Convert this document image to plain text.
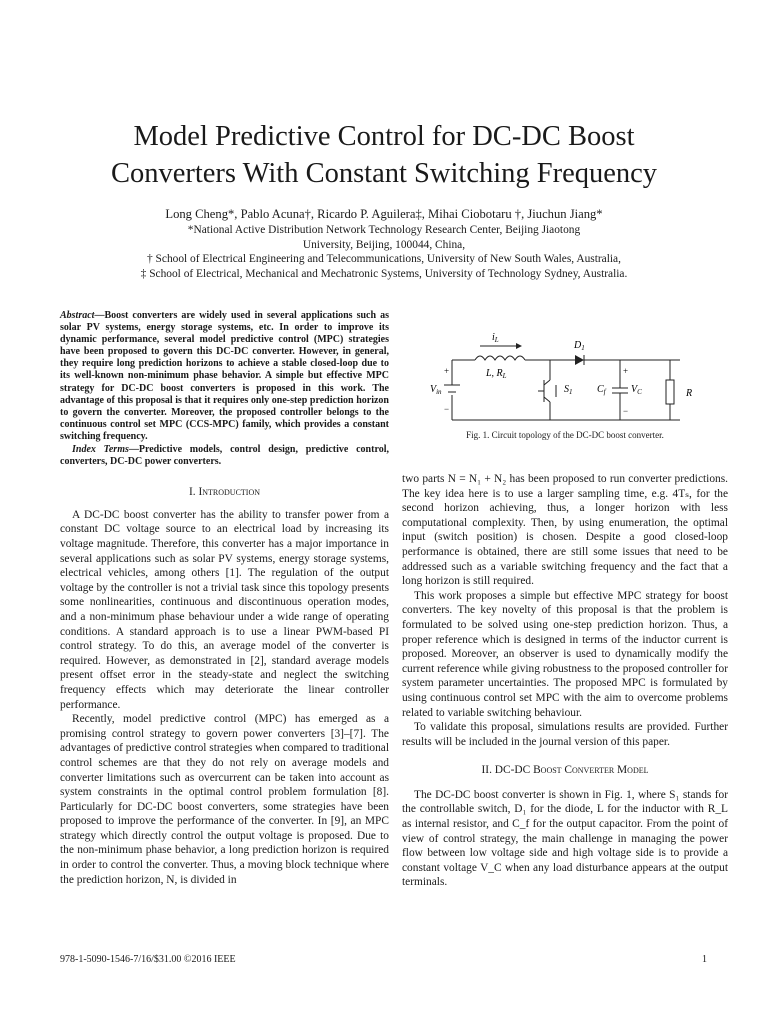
Model Predictive Control for DC-DC Boost
Converters With Constant Switching Frequency
Long Cheng*, Pablo Acuna†, Ricardo P. Aguilera‡, Mihai Ciobotaru †, Jiuchun Jiang*
*National Active Distribution Network Technology Research Center, Beijing Jiaotong
University, Beijing, 100044, China,
† School of Electrical Engineering and Telecommunications, University of New South Wales, Australia,
‡ School of Electrical, Mechanical and Mechatronic Systems, University of Technology Sydney, Australia.
Abstract—Boost converters are widely used in several applications such as solar PV systems, energy storage systems, etc. In order to improve its dynamic performance, several model predictive control (MPC) strategies have been proposed to govern this DC-DC converter. However, in general, they require long prediction horizons to achieve a stable closed-loop due to its well-known non-minimum phase behavior. A simple but effective MPC strategy for DC-DC boost converters is proposed in this work. The advantage of this proposal is that it requires only one-step prediction horizon to govern the converter. Moreover, the proposed controller belongs to the continuous control set MPC (CCS-MPC) family, which provides a constant switching frequency.
Index Terms—Predictive models, control design, predictive control, converters, DC-DC power converters.
I. Introduction

A DC-DC boost converter has the ability to transfer power from a constant DC voltage source to an electrical load by increasing its voltage magnitude. Therefore, this converter has a major importance in several applications such as solar PV systems, energy storage systems, electrical vehicles, among others [1]. The regulation of the output voltage by the controller is not a trivial task since this topology presents some nonlinearities, continuous and discontinuous operation modes, and a non-minimum phase behaviour under a wide range of operating conditions. A standard approach is to use a linear PWM-based PI control strategy. To do this, an average model of the converter is required. However, as demonstrated in [2], standard average models present offset error in the steady-state and neglect the switching frequency effects which may deteriorate the linear controller performance.

Recently, model predictive control (MPC) has emerged as a promising control strategy to govern power converters [3]–[7]. The advantages of predictive control strategies when compared to traditional control schemes are that they do not rely on average models and converter limitations such as overcurrent can be taken into account as system constraints in the optimal control problem formulation [8]. Particularly for DC-DC boost converters, some strategies have been proposed to improve the performance of the converter. In [9], an MPC strategy which directly control the output voltage is proposed. Due to the non-minimum phase behavior, a long prediction horizon is required in order to control the converter. Thus, a moving block technique where the prediction horizon, N, is divided in

$i_L$
L, $R_L$
$D_1$
$S_1$ $C_f$	$V_C$
$V_{in}$	R
+
−
+
−
Fig. 1. Circuit topology of the DC-DC boost converter.

two parts N = N₁ + N₂ has been proposed to run converter predictions. The key idea here is to use a larger sampling time, e.g. 4Tₛ, for the second horizon achieving, thus, a longer horizon with less computational complexity. Then, by using enumeration, the optimal input (switch position) is chosen. Despite a good closed-loop performance is obtained, there are still some issues that need to be addressed such as a variable switching frequency and the fact that a long horizon is still required.

This work proposes a simple but effective MPC strategy for boost converters. The key novelty of this proposal is that the problem is formulated to be solved using one-step prediction horizon. Thus, a proper reference which is designed in terms of the inductor current is proposed. Moreover, an observer is used to dynamically modify the current reference while giving robustness to the proposed controller for system parameter uncertainties. The proposed MPC is formulated by using continuous control set MPC with the aim to overcome problems related to variable switching behaviour.

To validate this proposal, simulations results are provided. Further results will be included in the journal version of this paper.

II. DC-DC Boost Converter Model

The DC-DC boost converter is shown in Fig. 1, where S₁ stands for the controllable switch, D₁ for the diode, L for the inductor with R_L as internal resistor, and C_f for the output capacitor. From the point of view of control strategy, the main challenge in managing the power flow between low voltage side and high voltage side is to provide a constant voltage V_C when any load disturbance appears at the output terminals.

978-1-5090-1546-7/16/$31.00 ©2016 IEEE	1
